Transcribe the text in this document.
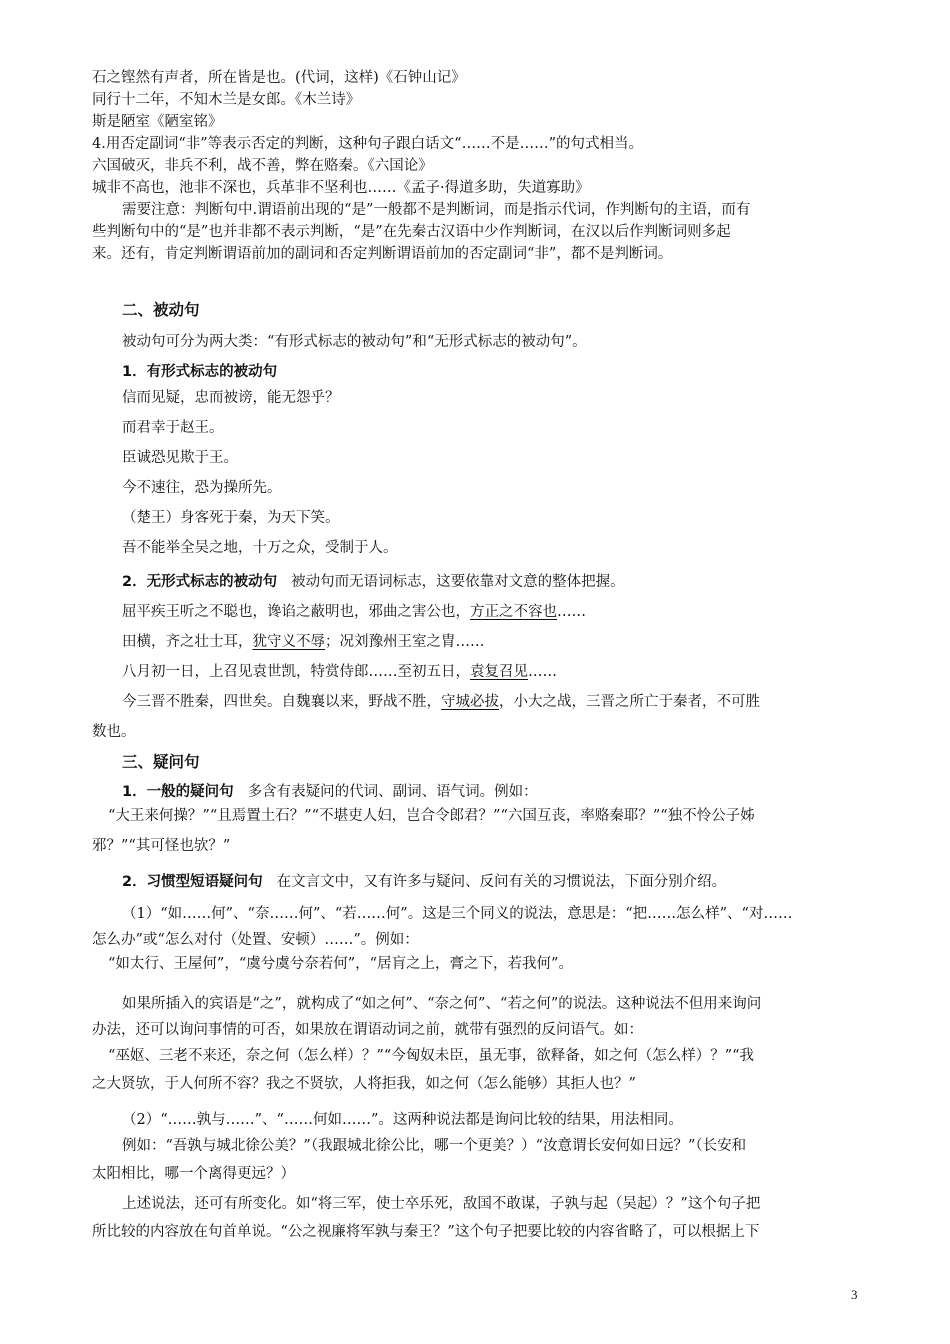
石之铿然有声者，所在皆是也。(代词，这样)《石钟山记》
同行十二年，不知木兰是女郎。《木兰诗》
斯是陋室《陋室铭》
4.用否定副词“非”等表示否定的判断，这种句子跟白话文“……不是……”的句式相当。
六国破灭，非兵不利，战不善，弊在赂秦。《六国论》
城非不高也，池非不深也，兵革非不坚利也……《孟子·得道多助，失道寡助》
需要注意：判断句中.谓语前出现的“是”一般都不是判断词，而是指示代词，作判断句的主语，而有
些判断句中的“是”也并非都不表示判断，“是”在先秦古汉语中少作判断词，在汉以后作判断词则多起
来。还有，肯定判断谓语前加的副词和否定判断谓语前加的否定副词“非”，都不是判断词。
二、被动句
被动句可分为两大类：“有形式标志的被动句”和“无形式标志的被动句”。
1．有形式标志的被动句
信而见疑，忠而被谤，能无怨乎？
而君幸于赵王。
臣诚恐见欺于王。
今不速往，恐为操所先。
（楚王）身客死于秦，为天下笑。
吾不能举全吴之地，十万之众，受制于人。
2．无形式标志的被动句 被动句而无语词标志，这要依靠对文意的整体把握。
屈平疾王听之不聪也，谗谄之蔽明也，邪曲之害公也，方正之不容也……
田横，齐之壮士耳，犹守义不辱；况刘豫州王室之胄……
八月初一日，上召见袁世凯，特赏侍郎……至初五日，袁复召见……
今三晋不胜秦，四世矣。自魏襄以来，野战不胜，守城必拔，小大之战，三晋之所亡于秦者，不可胜
数也。
三、疑问句
1．一般的疑问句 多含有表疑问的代词、副词、语气词。例如：
“大王来何操？”“且焉置土石？”“不堪吏人妇，岂合令郎君？”“六国互丧，率赂秦耶？”“独不怜公子姊
邪？”“其可怪也欤？”
2．习惯型短语疑问句 在文言文中，又有许多与疑问、反问有关的习惯说法，下面分别介绍。
（1）“如……何”、“奈……何”、“若……何”。这是三个同义的说法，意思是：“把……怎么样”、“对……
怎么办”或“怎么对付（处置、安顿）……”。例如：
“如太行、王屋何”，“虞兮虞兮奈若何”，“居肓之上，膏之下，若我何”。
如果所插入的宾语是“之”，就构成了“如之何”、“奈之何”、“若之何”的说法。这种说法不但用来询问
办法，还可以询问事情的可否，如果放在谓语动词之前，就带有强烈的反问语气。如：
“巫妪、三老不来还，奈之何（怎么样）？”“今匈奴未臣，虽无事，欲释备，如之何（怎么样）？”“我
之大贤欤，于人何所不容？我之不贤欤，人将拒我，如之何（怎么能够）其拒人也？”
（2）“……孰与……”、“……何如……”。这两种说法都是询问比较的结果，用法相同。
例如：“吾孰与城北徐公美？”（我跟城北徐公比，哪一个更美？）“汝意谓长安何如日远？”（长安和
太阳相比，哪一个离得更远？）
上述说法，还可有所变化。如“将三军，使士卒乐死，敌国不敢谋，子孰与起（吴起）？”这个句子把
所比较的内容放在句首单说。“公之视廉将军孰与秦王？”这个句子把要比较的内容省略了，可以根据上下
3
